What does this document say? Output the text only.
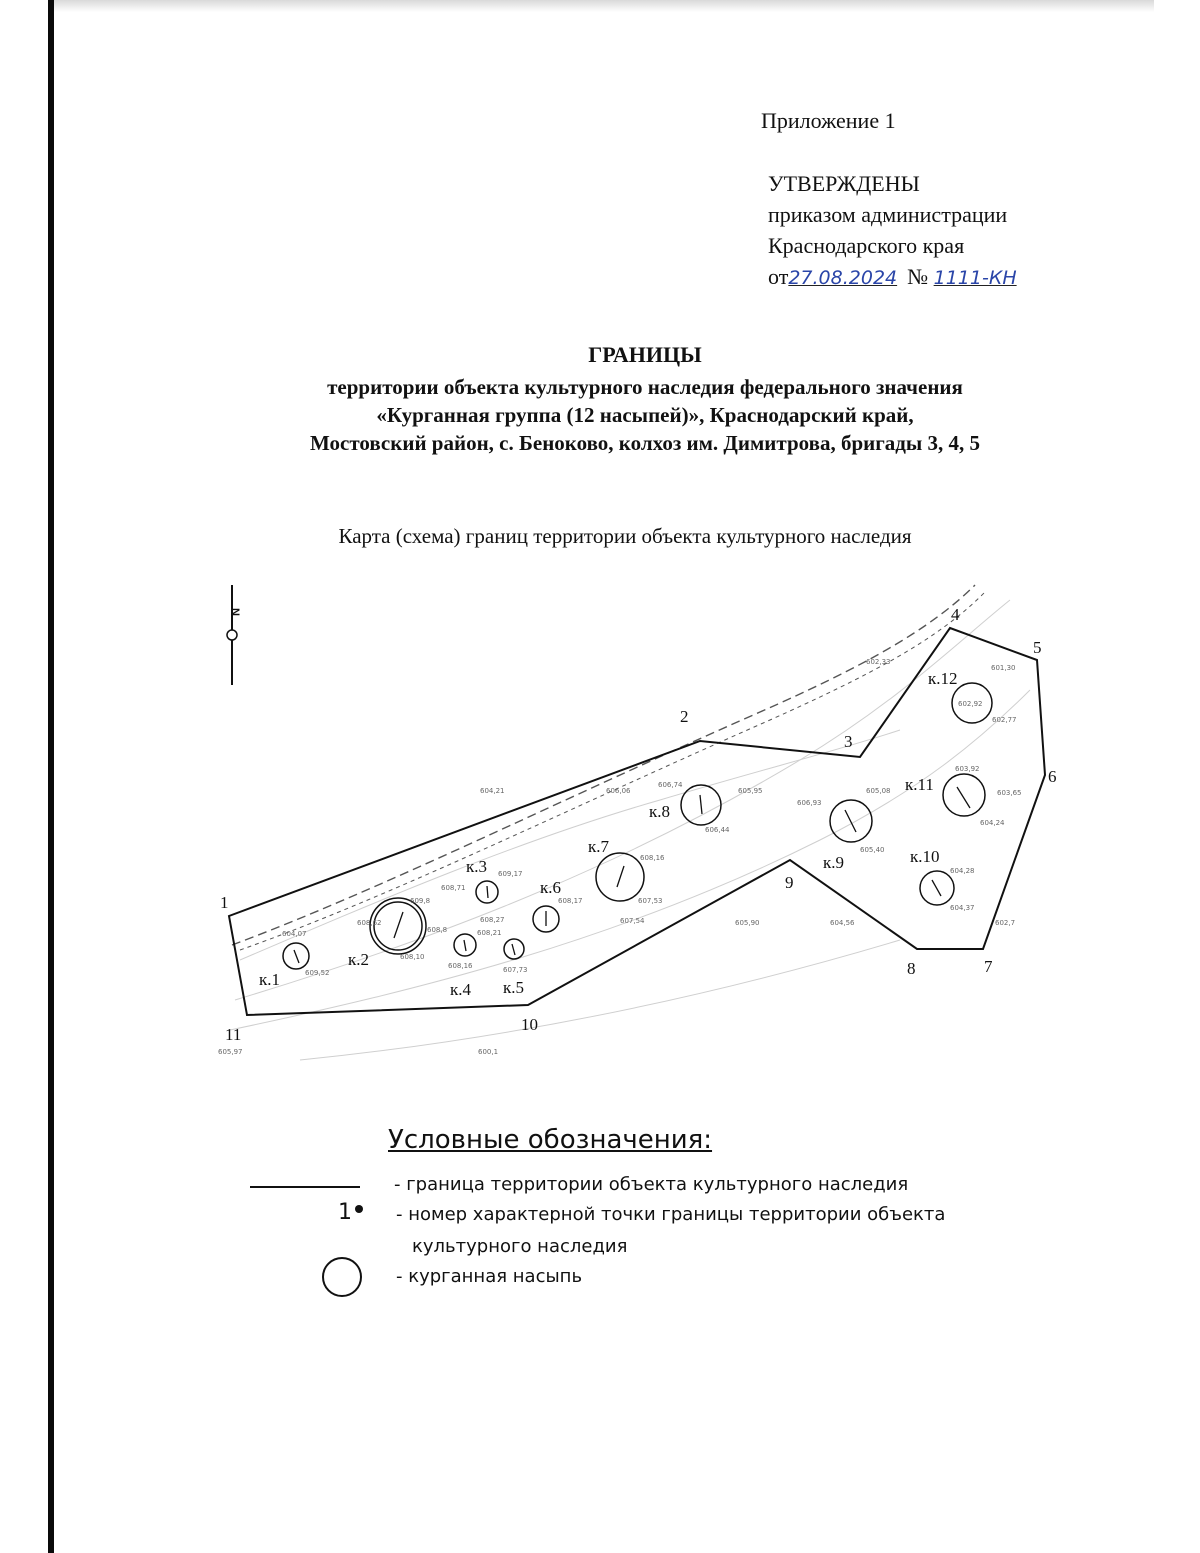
Приложение 1
УТВЕРЖДЕНЫ
приказом администрации
Краснодарского края
от27.08.2024 № 1111-КН
ГРАНИЦЫ
территории объекта культурного наследия федерального значения
«Курганная группа (12 насыпей)», Краснодарский край,
Мостовский район, с. Беноково, колхоз им. Димитрова, бригады 3, 4, 5
Карта (схема) границ территории объекта культурного наследия
1
2
3
4
5
6
7
8
9
10
11
к.1
к.2
к.3
к.4 к.5
к.6
к.7
к.8
к.9	к.10
к.11
к.12
602,33
601,30
602,92
602,77
603,92
603,65
604,24
606,74
605,95	605,08
605,40
604,28
604,37
602,7
604,21	606,06
606,44
606,93
605,90	604,56
608,16
607,53
607,54
608,17
608,8
608,27
609,17
608,71
608,62
609,8
608,10
608,21
607,73
608,16
604,07
609,52
605,97	600,1
N
Условные обозначения:
- граница территории объекта культурного наследия
1	- номер характерной точки границы территории объекта
культурного наследия
- курганная насыпь
